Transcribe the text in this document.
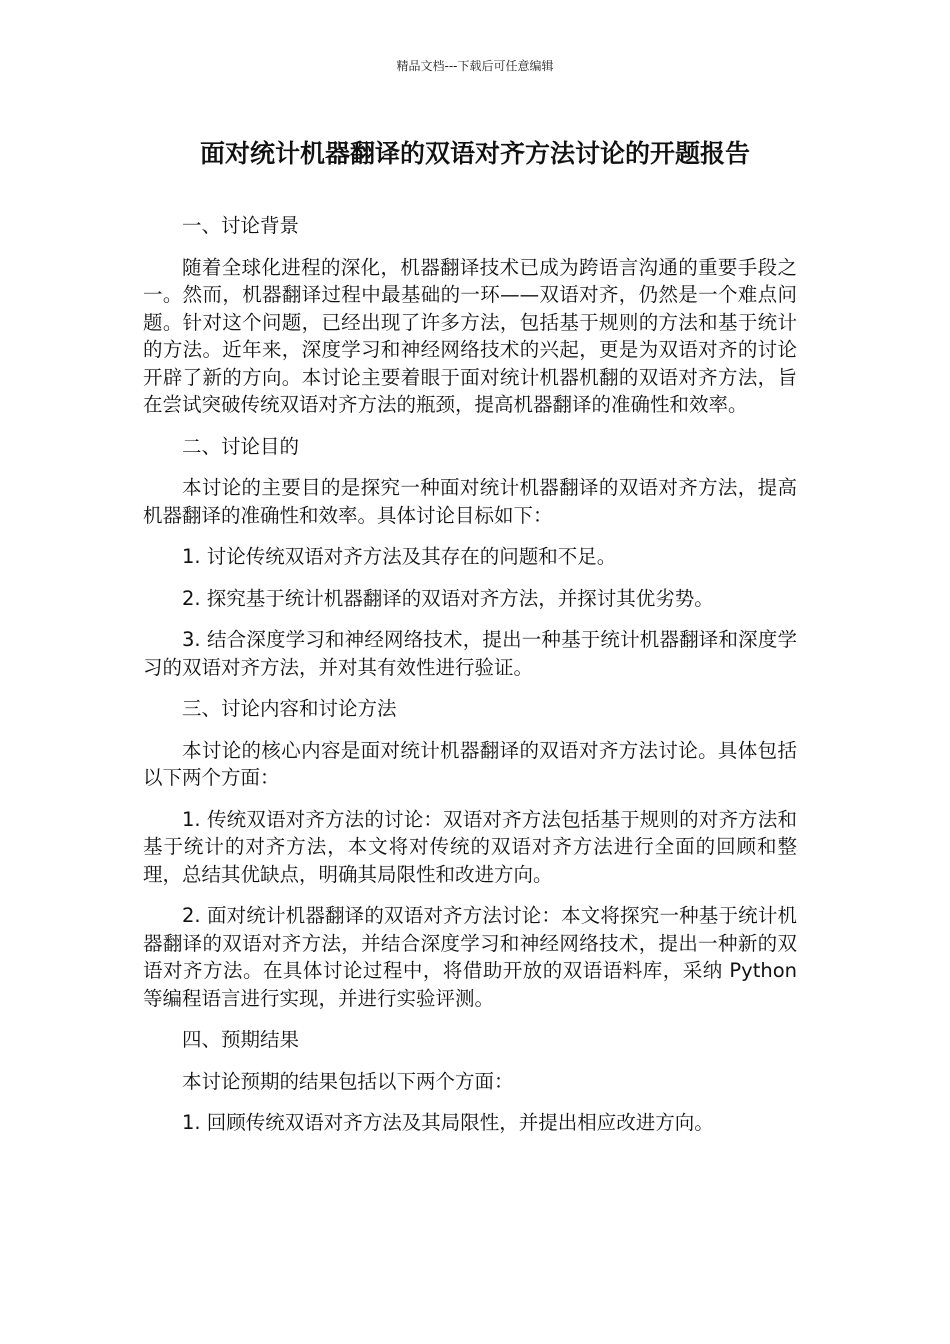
精品文档---下载后可任意编辑
面对统计机器翻译的双语对齐方法讨论的开题报告

一、讨论背景

随着全球化进程的深化，机器翻译技术已成为跨语言沟通的重要手段之一。然而，机器翻译过程中最基础的一环——双语对齐，仍然是一个难点问题。针对这个问题，已经出现了许多方法，包括基于规则的方法和基于统计的方法。近年来，深度学习和神经网络技术的兴起，更是为双语对齐的讨论开辟了新的方向。本讨论主要着眼于面对统计机器机翻的双语对齐方法，旨在尝试突破传统双语对齐方法的瓶颈，提高机器翻译的准确性和效率。

二、讨论目的

本讨论的主要目的是探究一种面对统计机器翻译的双语对齐方法，提高机器翻译的准确性和效率。具体讨论目标如下：

1. 讨论传统双语对齐方法及其存在的问题和不足。

2. 探究基于统计机器翻译的双语对齐方法，并探讨其优劣势。

3. 结合深度学习和神经网络技术，提出一种基于统计机器翻译和深度学习的双语对齐方法，并对其有效性进行验证。

三、讨论内容和讨论方法

本讨论的核心内容是面对统计机器翻译的双语对齐方法讨论。具体包括以下两个方面：

1. 传统双语对齐方法的讨论：双语对齐方法包括基于规则的对齐方法和基于统计的对齐方法，本文将对传统的双语对齐方法进行全面的回顾和整理，总结其优缺点，明确其局限性和改进方向。

2. 面对统计机器翻译的双语对齐方法讨论：本文将探究一种基于统计机器翻译的双语对齐方法，并结合深度学习和神经网络技术，提出一种新的双语对齐方法。在具体讨论过程中，将借助开放的双语语料库，采纳 Python 等编程语言进行实现，并进行实验评测。

四、预期结果

本讨论预期的结果包括以下两个方面：

1. 回顾传统双语对齐方法及其局限性，并提出相应改进方向。
